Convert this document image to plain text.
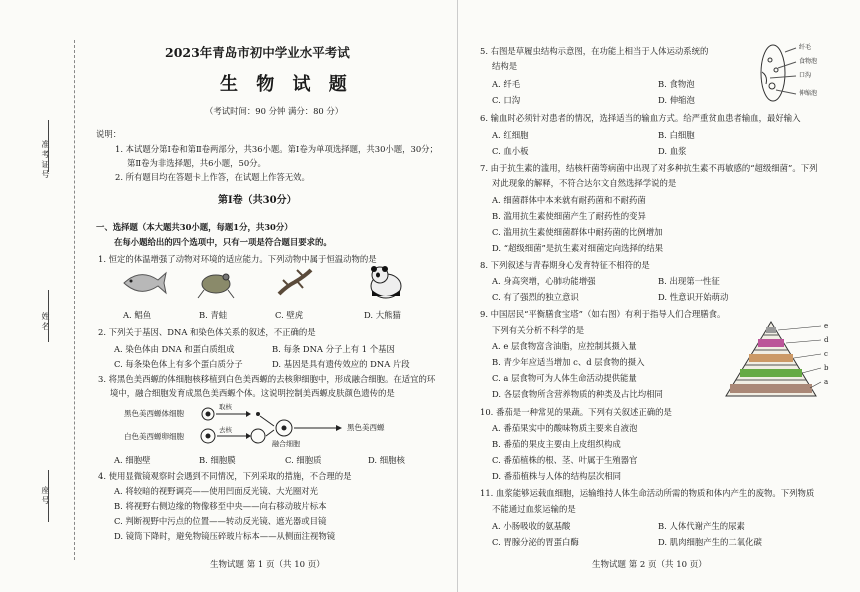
准考证号
姓名
座号
2023年青岛市初中学业水平考试
生 物 试 题
（考试时间：90 分钟 满分：80 分）
说明：
1. 本试题分第Ⅰ卷和第Ⅱ卷两部分，共36小题。第Ⅰ卷为单项选择题，共30小题，30分；
第Ⅱ卷为非选择题，共6小题，50分。
2. 所有题目均在答题卡上作答，在试题上作答无效。
第Ⅰ卷（共30分）
一、选择题（本大题共30小题，每题1分，共30分）
在每小题给出的四个选项中，只有一项是符合题目要求的。
1. 恒定的体温增强了动物对环境的适应能力。下列动物中属于恒温动物的是
A. 鲳鱼	B. 青蛙	C. 壁虎	D. 大熊猫
2. 下列关于基因、DNA 和染色体关系的叙述，不正确的是
A. 染色体由 DNA 和蛋白质组成	B. 每条 DNA 分子上有 1 个基因
C. 每条染色体上有多个蛋白质分子	D. 基因是具有遗传效应的 DNA 片段
3. 将黑色美西螈的体细胞核移植到白色美西螈的去核卵细胞中，形成融合细胞。在适宜的环
境中，融合细胞发育成黑色美西螈个体。这说明控制美西螈皮肤颜色遗传的是
黑色美西螈体细胞
白色美西螈卵细胞
取核
去核
融合细胞
黑色美西螈
A. 细胞壁	B. 细胞膜	C. 细胞质	D. 细胞核
4. 使用显微镜观察时会遇到不同情况，下列采取的措施，不合理的是
A. 将较暗的视野调亮——使用凹面反光镜、大光圈对光
B. 将视野右侧边缘的物像移至中央——向右移动玻片标本
C. 判断视野中污点的位置——转动反光镜、遮光器或目镜
D. 镜筒下降时，避免物镜压碎玻片标本——从侧面注视物镜
生物试题 第 1 页（共 10 页）
5. 右图是草履虫结构示意图，在功能上相当于人体运动系统的
结构是
A. 纤毛	B. 食物泡
C. 口沟	D. 伸缩泡
纤毛
食物泡
口沟
伸缩泡
6. 输血时必须针对患者的情况，选择适当的输血方式。给严重贫血患者输血，最好输入
A. 红细胞	B. 白细胞
C. 血小板	D. 血浆
7. 由于抗生素的滥用，结核杆菌等病菌中出现了对多种抗生素不再敏感的“超级细菌”。下列
对此现象的解释，不符合达尔文自然选择学说的是
A. 细菌群体中本来就有耐药菌和不耐药菌
B. 滥用抗生素使细菌产生了耐药性的变异
C. 滥用抗生素使细菌群体中耐药菌的比例增加
D. “超级细菌”是抗生素对细菌定向选择的结果
8. 下列叙述与青春期身心发育特征不相符的是
A. 身高突增，心肺功能增强	B. 出现第一性征
C. 有了强烈的独立意识	D. 性意识开始萌动
9. 中国居民“平衡膳食宝塔”（如右图）有利于指导人们合理膳食。
下列有关分析不科学的是
A. e 层食物富含油脂，应控制其摄入量
B. 青少年应适当增加 c、d 层食物的摄入
C. a 层食物可为人体生命活动提供能量
D. 各层食物所含营养物质的种类及占比均相同
e
d
c
b
a
10. 番茄是一种常见的果蔬。下列有关叙述正确的是
A. 番茄果实中的酸味物质主要来自液泡
B. 番茄的果皮主要由上皮组织构成
C. 番茄植株的根、茎、叶属于生殖器官
D. 番茄植株与人体的结构层次相同
11. 血浆能够运载血细胞，运输维持人体生命活动所需的物质和体内产生的废物。下列物质
不能通过血浆运输的是
A. 小肠吸收的氨基酸	B. 人体代谢产生的尿素
C. 胃腺分泌的胃蛋白酶	D. 肌肉细胞产生的二氧化碳
生物试题 第 2 页（共 10 页）
